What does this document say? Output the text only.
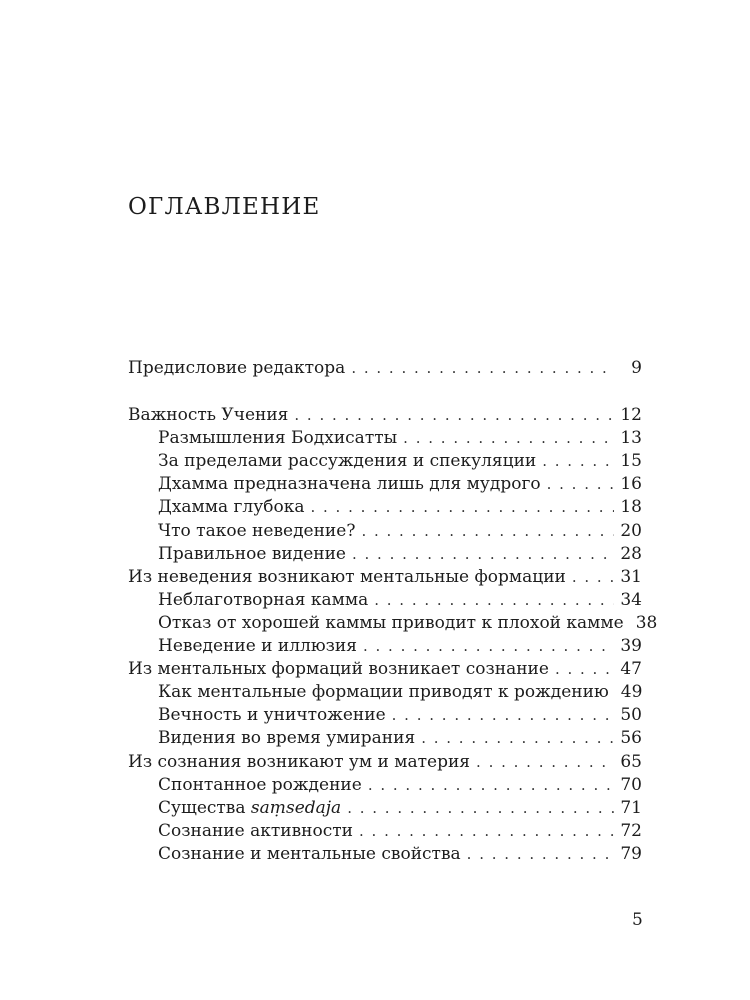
ОГЛАВЛЕНИЕ
Предисловие редактора . . .	9
Важность Учения . . .	12
Размышления Бодхисатты . . .	13
За пределами рассуждения и спекуляции . . .	15
Дхамма предназначена лишь для мудрого . . .	16
Дхамма глубока . . .	18
Что такое неведение? . . .	20
Правильное видение . . .	28
Из неведения возникают ментальные формации . . .	31
Неблаготворная камма . . .	34
Отказ от хорошей каммы приводит к плохой камме 38
Неведение и иллюзия . . .	39
Из ментальных формаций возникает сознание . . .	47
Как ментальные формации приводят к рождению 49
Вечность и уничтожение . . .	50
Видения во время умирания . . .	56
Из сознания возникают ум и материя . . .	65
Спонтанное рождение . . .	70
Существа saṃsedaja . . .	71
Сознание активности . . .	72
Сознание и ментальные свойства . . .	79
5
